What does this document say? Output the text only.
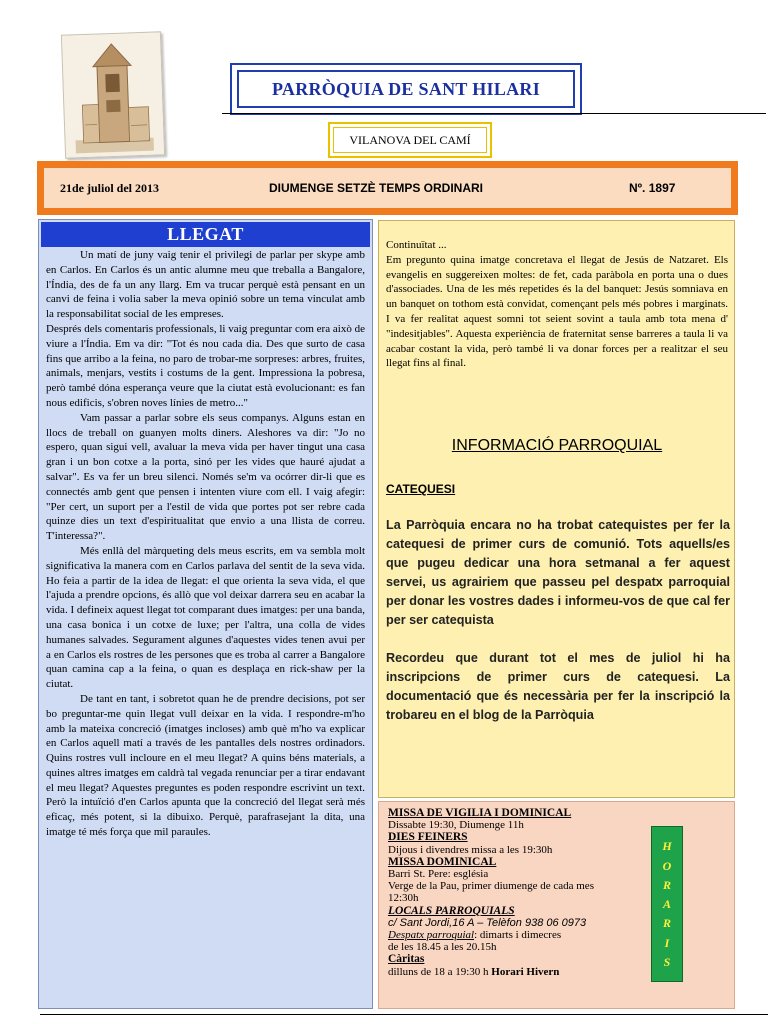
PARRÒQUIA DE SANT HILARI
VILANOVA DEL CAMÍ
21de juliol del 2013	DIUMENGE SETZÈ TEMPS ORDINARI	Nº. 1897
LLEGAT

Un matí de juny vaig tenir el privilegi de parlar per skype amb en Carlos. En Carlos és un antic alumne meu que treballa a Bangalore, l'Índia, des de fa un any llarg. Em va trucar perquè està pensant en un canvi de feina i volia saber la meva opinió sobre un tema vinculat amb la responsabilitat social de les empreses.

Després dels comentaris professionals, li vaig preguntar com era això de viure a l'Índia. Em va dir: "Tot és nou cada dia. Des que surto de casa fins que arribo a la feina, no paro de trobar-me sorpreses: arbres, fruites, animals, menjars, vestits i costums de la gent. Impressiona la pobresa, però també dóna esperança veure que la ciutat està evolucionant: es fan nous edificis, s'obren noves línies de metro..."

Vam passar a parlar sobre els seus companys. Alguns estan en llocs de treball on guanyen molts diners. Aleshores va dir: "Jo no espero, quan sigui vell, avaluar la meva vida per haver tingut una casa gran i un bon cotxe a la porta, sinó per les vides que hauré ajudat a salvar". Es va fer un breu silenci. Només se'm va ocórrer dir-li que es connectés amb gent que pensen i intenten viure com ell. I vaig afegir: "Per cert, un suport per a l'estil de vida que portes pot ser rebre cada quinze dies un text d'espiritualitat que envio a una llista de correu. T'interessa?".

Més enllà del màrqueting dels meus escrits, em va sembla molt significativa la manera com en Carlos parlava del sentit de la seva vida. Ho feia a partir de la idea de llegat: el que orienta la seva vida, el que l'ajuda a prendre opcions, és allò que vol deixar darrera seu en acabar la vida. I defineix aquest llegat tot comparant dues imatges: per una banda, una casa bonica i un cotxe de luxe; per l'altra, una colla de vides humanes salvades. Segurament algunes d'aquestes vides tenen avui per a en Carlos els rostres de les persones que es troba al carrer a Bangalore quan camina cap a la feina, o quan es desplaça en rick-shaw per la ciutat.

De tant en tant, i sobretot quan he de prendre decisions, pot ser bo preguntar-me quin llegat vull deixar en la vida. I respondre-m'ho amb la mateixa concreció (imatges incloses) amb què m'ho va explicar en Carlos aquell matí a través de les pantalles dels nostres ordinadors. Quins rostres vull incloure en el meu llegat? A quins béns materials, a quines altres imatges em caldrà tal vegada renunciar per a tirar endavant el meu llegat? Aquestes preguntes es poden respondre escrivint un text. Però la intuïció d'en Carlos apunta que la concreció del llegat serà més eficaç, més potent, si la dibuixo. Perquè, parafrasejant la dita, una imatge té més força que mil paraules.

Continuïtat ...

Em pregunto quina imatge concretava el llegat de Jesús de Natzaret. Els evangelis en suggereixen moltes: de fet, cada paràbola en porta una o dues d'associades. Una de les més repetides és la del banquet: Jesús somniava en un banquet on tothom està convidat, començant pels més pobres i marginats. I va fer realitat aquest somni tot seient sovint a taula amb tota mena d' "indesitjables". Aquesta experiència de fraternitat sense barreres a taula li va acabar costant la vida, però també li va donar forces per a realitzar el seu llegat fins al final.

INFORMACIÓ PARROQUIAL
CATEQUESI

La Parròquia encara no ha trobat catequistes per fer la catequesi de primer curs de comunió. Tots aquells/es que pugeu dedicar una hora setmanal a fer aquest servei, us agrairiem que passeu pel despatx parroquial per donar les vostres dades i informeu-vos de que cal fer per ser catequista

Recordeu que durant tot el mes de juliol hi ha inscripcions de primer curs de catequesi. La documentació que és necessària per fer la inscripció la trobareu en el blog de la Parròquia

MISSA DE VIGILIA I DOMINICAL
Dissabte 19:30, Diumenge 11h
DIES FEINERS
Dijous i divendres missa a les 19:30h
MISSA DOMINICAL
Barri St. Pere: església
Verge de la Pau, primer diumenge de cada mes
12:30h
LOCALS PARROQUIALS
c/ Sant Jordi,16 A – Telèfon 938 06 0973
Despatx parroquial: dimarts i dimecres
de les 18.45 a les 20.15h
Càritas
dilluns de 18 a 19:30 h Horari Hivern
H
O
R
A
R
I
S
